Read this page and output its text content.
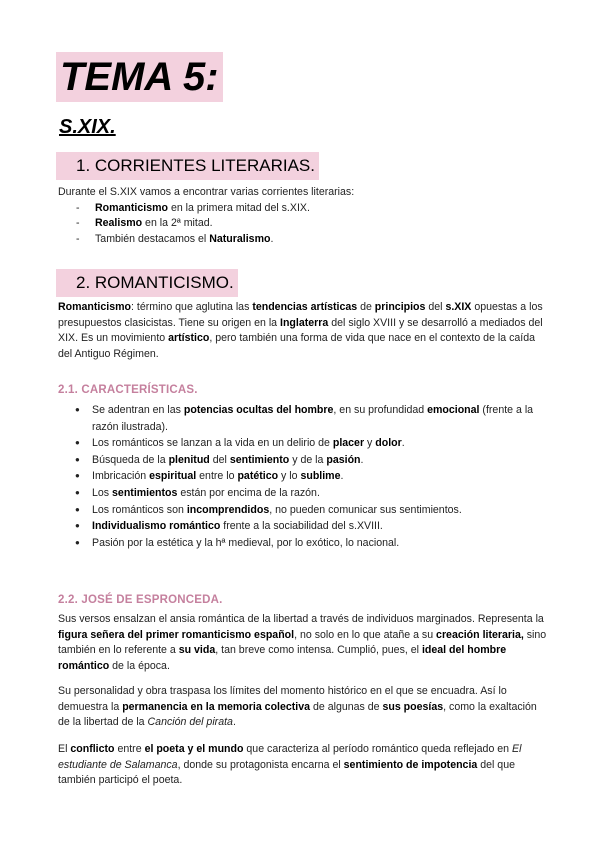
TEMA 5:
S.XIX.
1. CORRIENTES LITERARIAS.

Durante el S.XIX vamos a encontrar varias corrientes literarias:

- Romanticismo en la primera mitad del s.XIX.
- Realismo en la 2ª mitad.
- También destacamos el Naturalismo.
2. ROMANTICISMO.

Romanticismo: término que aglutina las tendencias artísticas de principios del s.XIX opuestas a los presupuestos clasicistas. Tiene su origen en la Inglaterra del siglo XVIII y se desarrolló a mediados del XIX. Es un movimiento artístico, pero también una forma de vida que nace en el contexto de la caída del Antiguo Régimen.

2.1. CARACTERÍSTICAS.
● Se adentran en las potencias ocultas del hombre, en su profundidad emocional (frente a la razón ilustrada).
● Los románticos se lanzan a la vida en un delirio de placer y dolor.
● Búsqueda de la plenitud del sentimiento y de la pasión.
● Imbricación espiritual entre lo patético y lo sublime.
● Los sentimientos están por encima de la razón.
● Los románticos son incomprendidos, no pueden comunicar sus sentimientos.
● Individualismo romántico frente a la sociabilidad del s.XVIII.
● Pasión por la estética y la hª medieval, por lo exótico, lo nacional.
2.2. JOSÉ DE ESPRONCEDA.

Sus versos ensalzan el ansia romántica de la libertad a través de individuos marginados. Representa la figura señera del primer romanticismo español, no solo en lo que atañe a su creación literaria, sino también en lo referente a su vida, tan breve como intensa. Cumplió, pues, el ideal del hombre romántico de la época.

Su personalidad y obra traspasa los límites del momento histórico en el que se encuadra. Así lo demuestra la permanencia en la memoria colectiva de algunas de sus poesías, como la exaltación de la libertad de la Canción del pirata.

El conflicto entre el poeta y el mundo que caracteriza al período romántico queda reflejado en El estudiante de Salamanca, donde su protagonista encarna el sentimiento de impotencia del que también participó el poeta.
